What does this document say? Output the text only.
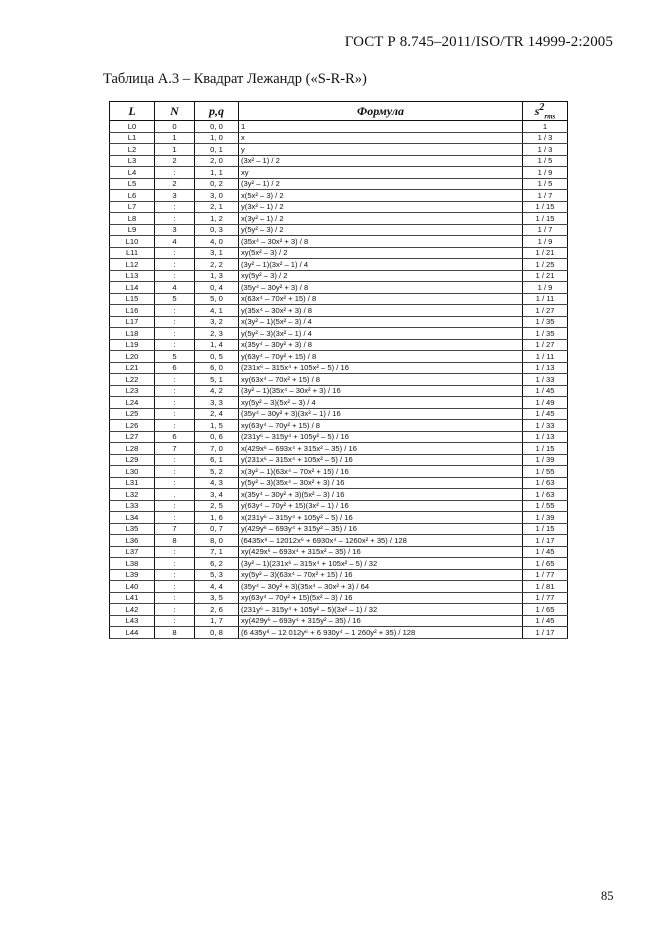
ГОСТ Р 8.745–2011/ISO/TR 14999-2:2005
Таблица А.3 – Квадрат Лежандр («S-R-R»)
L	N	p,q	Формула	$s^2_{rms}$
L0	0	0, 0	1	1
L1	1	1, 0	x	1 / 3
L2	1	0, 1	y	1 / 3
L3	2	2, 0	(3x² – 1) / 2	1 / 5
L4	:	1, 1	xy	1 / 9
L5	2	0, 2	(3y² – 1) / 2	1 / 5
L6	3	3, 0	x(5x² – 3) / 2	1 / 7
L7	:	2, 1	y(3x² – 1) / 2	1 / 15
L8	:	1, 2	x(3y² – 1) / 2	1 / 15
L9	3	0, 3	y(5y² – 3) / 2	1 / 7
L10	4	4, 0	(35x⁴ – 30x² + 3) / 8	1 / 9
L11	:	3, 1	xy(5x² – 3) / 2	1 / 21
L12	:	2, 2	(3y² – 1)(3x² – 1) / 4	1 / 25
L13	:	1, 3	xy(5y² – 3) / 2	1 / 21
L14	4	0, 4	(35y⁴ – 30y² + 3) / 8	1 / 9
L15	5	5, 0	x(63x⁴ – 70x² + 15) / 8	1 / 11
L16	:	4, 1	y(35x⁴ – 30x² + 3) / 8	1 / 27
L17	:	3, 2	x(3y² – 1)(5x² – 3) / 4	1 / 35
L18	:	2, 3	y(5y² – 3)(3x² – 1) / 4	1 / 35
L19	:	1, 4	x(35y⁴ – 30y² + 3) / 8	1 / 27
L20	5	0, 5	y(63y⁴ – 70y² + 15) / 8	1 / 11
L21	6	6, 0	(231x⁶ – 315x⁴ + 105x² – 5) / 16	1 / 13
L22	:	5, 1	xy(63x⁴ – 70x² + 15) / 8	1 / 33
L23	:	4, 2	(3y² – 1)(35x⁴ – 30x² + 3) / 16	1 / 45
L24	:	3, 3	xy(5y² – 3)(5x² – 3) / 4	1 / 49
L25	:	2, 4	(35y⁴ – 30y² + 3)(3x² – 1) / 16	1 / 45
L26	:	1, 5	xy(63y⁴ – 70y² + 15) / 8	1 / 33
L27	6	0, 6	(231y⁶ – 315y⁴ + 105y² – 5) / 16	1 / 13
L28	7	7, 0	x(429x⁶ – 693x⁴ + 315x² – 35) / 16	1 / 15
L29	:	6, 1	y(231x⁶ – 315x⁴ + 105x² – 5) / 16	1 / 39
L30	:	5, 2	x(3y² – 1)(63x⁴ – 70x² + 15) / 16	1 / 55
L31	:	4, 3	y(5y² – 3)(35x⁴ – 30x² + 3) / 16	1 / 63
L32	.	3, 4	x(35y⁴ – 30y² + 3)(5x² – 3) / 16	1 / 63
L33	:	2, 5	y(63y⁴ – 70y² + 15)(3x² – 1) / 16	1 / 55
L34	:	1, 6	x(231y⁶ – 315y⁴ + 105y² – 5) / 16	1 / 39
L35	7	0, 7	y(429y⁶ – 693y⁴ + 315y² – 35) / 16	1 / 15
L36	8	8, 0	(6435x⁸ – 12012x⁶ + 6930x⁴ – 1260x² + 35) / 128	1 / 17
L37	:	7, 1	xy(429x⁶ – 693x⁴ + 315x² – 35) / 16	1 / 45
L38	:	6, 2	(3y² – 1)(231x⁶ – 315x⁴ + 105x² – 5) / 32	1 / 65
L39	:	5, 3	xy(5y² – 3)(63x⁴ – 70x² + 15) / 16	1 / 77
L40	:	4, 4	(35y⁴ – 30y² + 3)(35x⁴ – 30x² + 3) / 64	1 / 81
L41	:	3, 5	xy(63y⁴ – 70y² + 15)(5x² – 3) / 16	1 / 77
L42	:	2, 6	(231y⁶ – 315y⁴ + 105y² – 5)(3x² – 1) / 32	1 / 65
L43	:	1, 7	xy(429y⁶ – 693y⁴ + 315y² – 35) / 16	1 / 45
L44	8	0, 8	(6 435y⁸ – 12 012y⁶ + 6 930y⁴ – 1 260y² + 35) / 128	1 / 17
85
